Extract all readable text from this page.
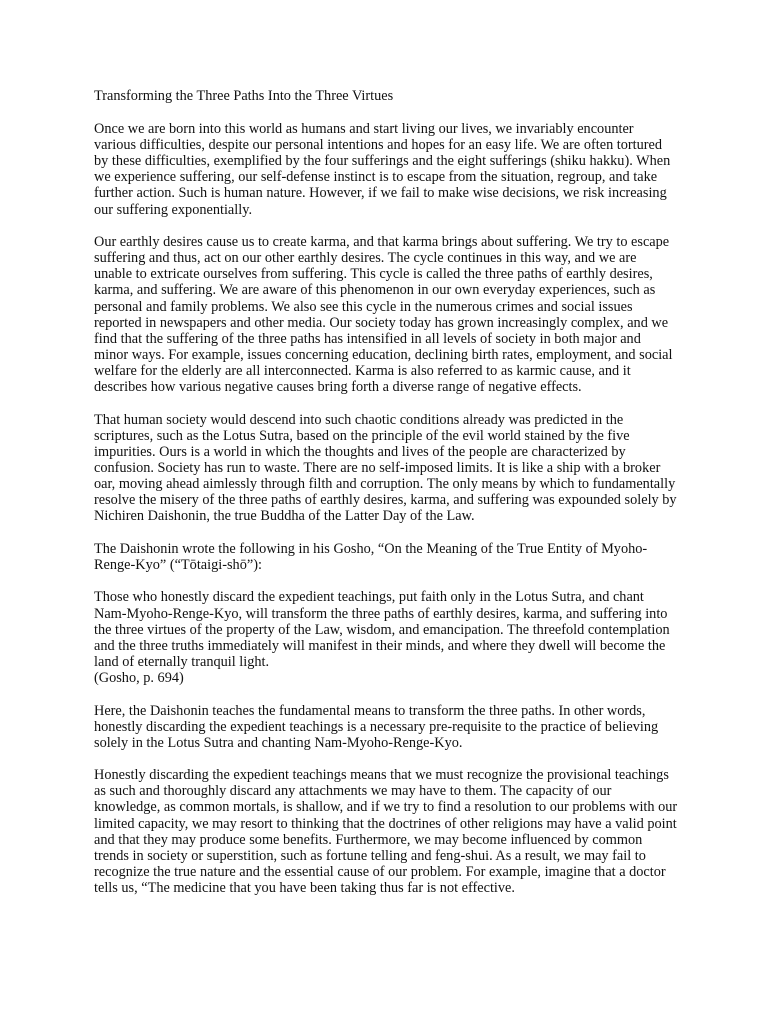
Transforming the Three Paths Into the Three Virtues

Once we are born into this world as humans and start living our lives, we invariably encounter various difficulties, despite our personal intentions and hopes for an easy life. We are often tortured by these difficulties, exemplified by the four sufferings and the eight sufferings (shiku hakku). When we experience suffering, our self-defense instinct is to escape from the situation, regroup, and take further action. Such is human nature. However, if we fail to make wise decisions, we risk increasing our suffering exponentially.

Our earthly desires cause us to create karma, and that karma brings about suffering. We try to escape suffering and thus, act on our other earthly desires. The cycle continues in this way, and we are unable to extricate ourselves from suffering. This cycle is called the three paths of earthly desires, karma, and suffering. We are aware of this phenomenon in our own everyday experiences, such as personal and family problems. We also see this cycle in the numerous crimes and social issues reported in newspapers and other media. Our society today has grown increasingly complex, and we find that the suffering of the three paths has intensified in all levels of society in both major and minor ways. For example, issues concerning education, declining birth rates, employment, and social welfare for the elderly are all interconnected. Karma is also referred to as karmic cause, and it describes how various negative causes bring forth a diverse range of negative effects.

That human society would descend into such chaotic conditions already was predicted in the scriptures, such as the Lotus Sutra, based on the principle of the evil world stained by the five impurities. Ours is a world in which the thoughts and lives of the people are characterized by confusion. Society has run to waste. There are no self-imposed limits. It is like a ship with a broker oar, moving ahead aimlessly through filth and corruption. The only means by which to fundamentally resolve the misery of the three paths of earthly desires, karma, and suffering was expounded solely by Nichiren Daishonin, the true Buddha of the Latter Day of the Law.

The Daishonin wrote the following in his Gosho, “On the Meaning of the True Entity of Myoho-Renge-Kyo” (“Tōtaigi-shō”):

Those who honestly discard the expedient teachings, put faith only in the Lotus Sutra, and chant Nam-Myoho-Renge-Kyo, will transform the three paths of earthly desires, karma, and suffering into the three virtues of the property of the Law, wisdom, and emancipation. The threefold contemplation and the three truths immediately will manifest in their minds, and where they dwell will become the land of eternally tranquil light.

(Gosho, p. 694)

Here, the Daishonin teaches the fundamental means to transform the three paths. In other words, honestly discarding the expedient teachings is a necessary pre-requisite to the practice of believing solely in the Lotus Sutra and chanting Nam-Myoho-Renge-Kyo.

Honestly discarding the expedient teachings means that we must recognize the provisional teachings as such and thoroughly discard any attachments we may have to them. The capacity of our knowledge, as common mortals, is shallow, and if we try to find a resolution to our problems with our limited capacity, we may resort to thinking that the doctrines of other religions may have a valid point and that they may produce some benefits. Furthermore, we may become influenced by common trends in society or superstition, such as fortune telling and feng-shui. As a result, we may fail to recognize the true nature and the essential cause of our problem. For example, imagine that a doctor tells us, “The medicine that you have been taking thus far is not effective.
